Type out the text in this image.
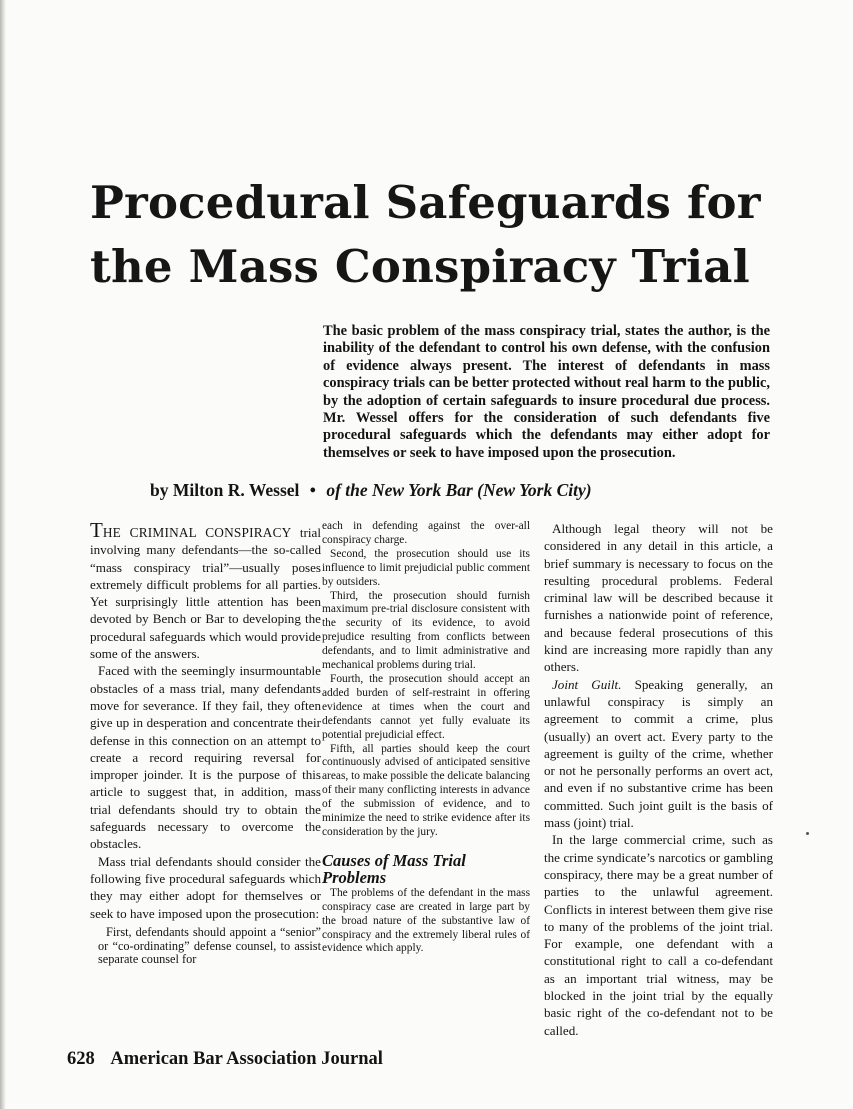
Procedural Safeguards for
the Mass Conspiracy Trial
The basic problem of the mass conspiracy trial, states the author, is the inability of the defendant to control his own defense, with the confusion of evidence always present. The interest of defendants in mass conspiracy trials can be better protected without real harm to the public, by the adoption of certain safeguards to insure procedural due process. Mr. Wessel offers for the consideration of such defendants five procedural safeguards which the defendants may either adopt for themselves or seek to have imposed upon the prosecution.
by Milton R. Wessel • of the New York Bar (New York City)

THE CRIMINAL CONSPIRACY trial involving many defendants—the so-called “mass conspiracy trial”—usually poses extremely difficult problems for all parties. Yet surprisingly little attention has been devoted by Bench or Bar to developing the procedural safeguards which would provide some of the answers.

Faced with the seemingly insurmountable obstacles of a mass trial, many defendants move for severance. If they fail, they often give up in desperation and concentrate their defense in this connection on an attempt to create a record requiring reversal for improper joinder. It is the purpose of this article to suggest that, in addition, mass trial defendants should try to obtain the safeguards necessary to overcome the obstacles.

Mass trial defendants should consider the following five procedural safeguards which they may either adopt for themselves or seek to have imposed upon the prosecution:

First, defendants should appoint a “senior” or “co-ordinating” defense counsel, to assist separate counsel for

each in defending against the over-all conspiracy charge.

Second, the prosecution should use its influence to limit prejudicial public comment by outsiders.

Third, the prosecution should furnish maximum pre-trial disclosure consistent with the security of its evidence, to avoid prejudice resulting from conflicts between defendants, and to limit administrative and mechanical problems during trial.

Fourth, the prosecution should accept an added burden of self-restraint in offering evidence at times when the court and defendants cannot yet fully evaluate its potential prejudicial effect.

Fifth, all parties should keep the court continuously advised of anticipated sensitive areas, to make possible the delicate balancing of their many conflicting interests in advance of the submission of evidence, and to minimize the need to strike evidence after its consideration by the jury.

Causes of Mass Trial Problems

The problems of the defendant in the mass conspiracy case are created in large part by the broad nature of the substantive law of conspiracy and the extremely liberal rules of evidence which apply.

Although legal theory will not be considered in any detail in this article, a brief summary is necessary to focus on the resulting procedural problems. Federal criminal law will be described because it furnishes a nationwide point of reference, and because federal prosecutions of this kind are increasing more rapidly than any others.

Joint Guilt. Speaking generally, an unlawful conspiracy is simply an agreement to commit a crime, plus (usually) an overt act. Every party to the agreement is guilty of the crime, whether or not he personally performs an overt act, and even if no substantive crime has been committed. Such joint guilt is the basis of mass (joint) trial.

In the large commercial crime, such as the crime syndicate’s narcotics or gambling conspiracy, there may be a great number of parties to the unlawful agreement. Conflicts in interest between them give rise to many of the problems of the joint trial. For example, one defendant with a constitutional right to call a co-defendant as an important trial witness, may be blocked in the joint trial by the equally basic right of the co-defendant not to be called.

628 American Bar Association Journal
